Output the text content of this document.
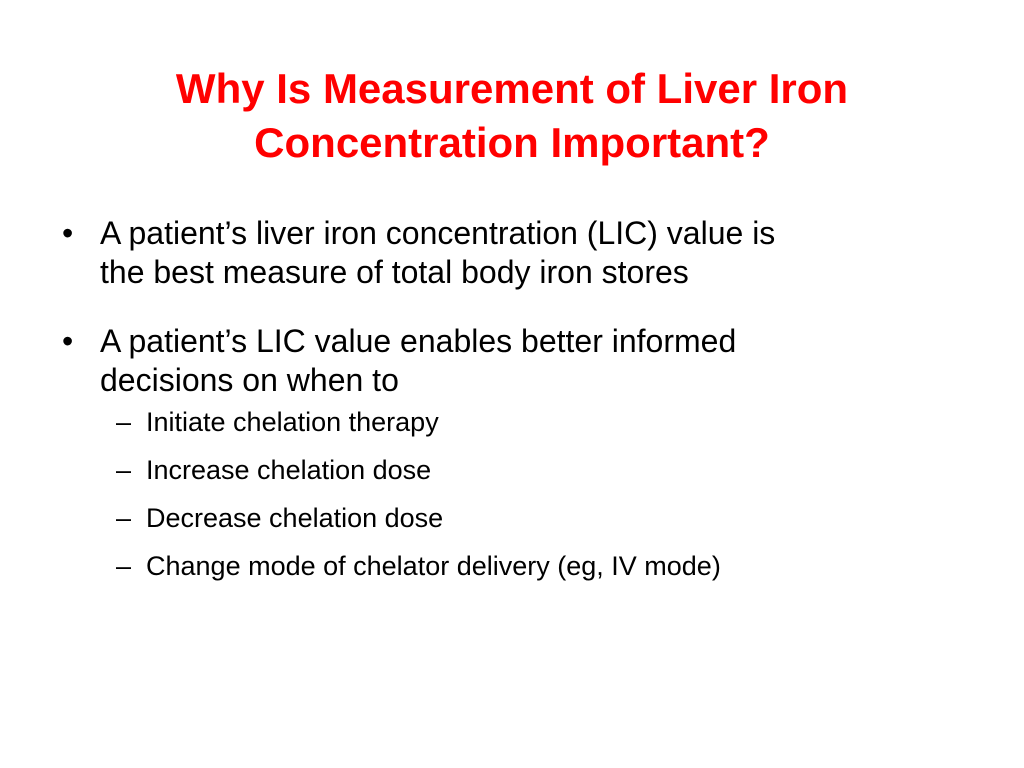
Why Is Measurement of Liver Iron
Concentration Important?
• A patient’s liver iron concentration (LIC) value is
the best measure of total body iron stores
• A patient’s LIC value enables better informed
decisions on when to
– Initiate chelation therapy
– Increase chelation dose
– Decrease chelation dose
– Change mode of chelator delivery (eg, IV mode)
